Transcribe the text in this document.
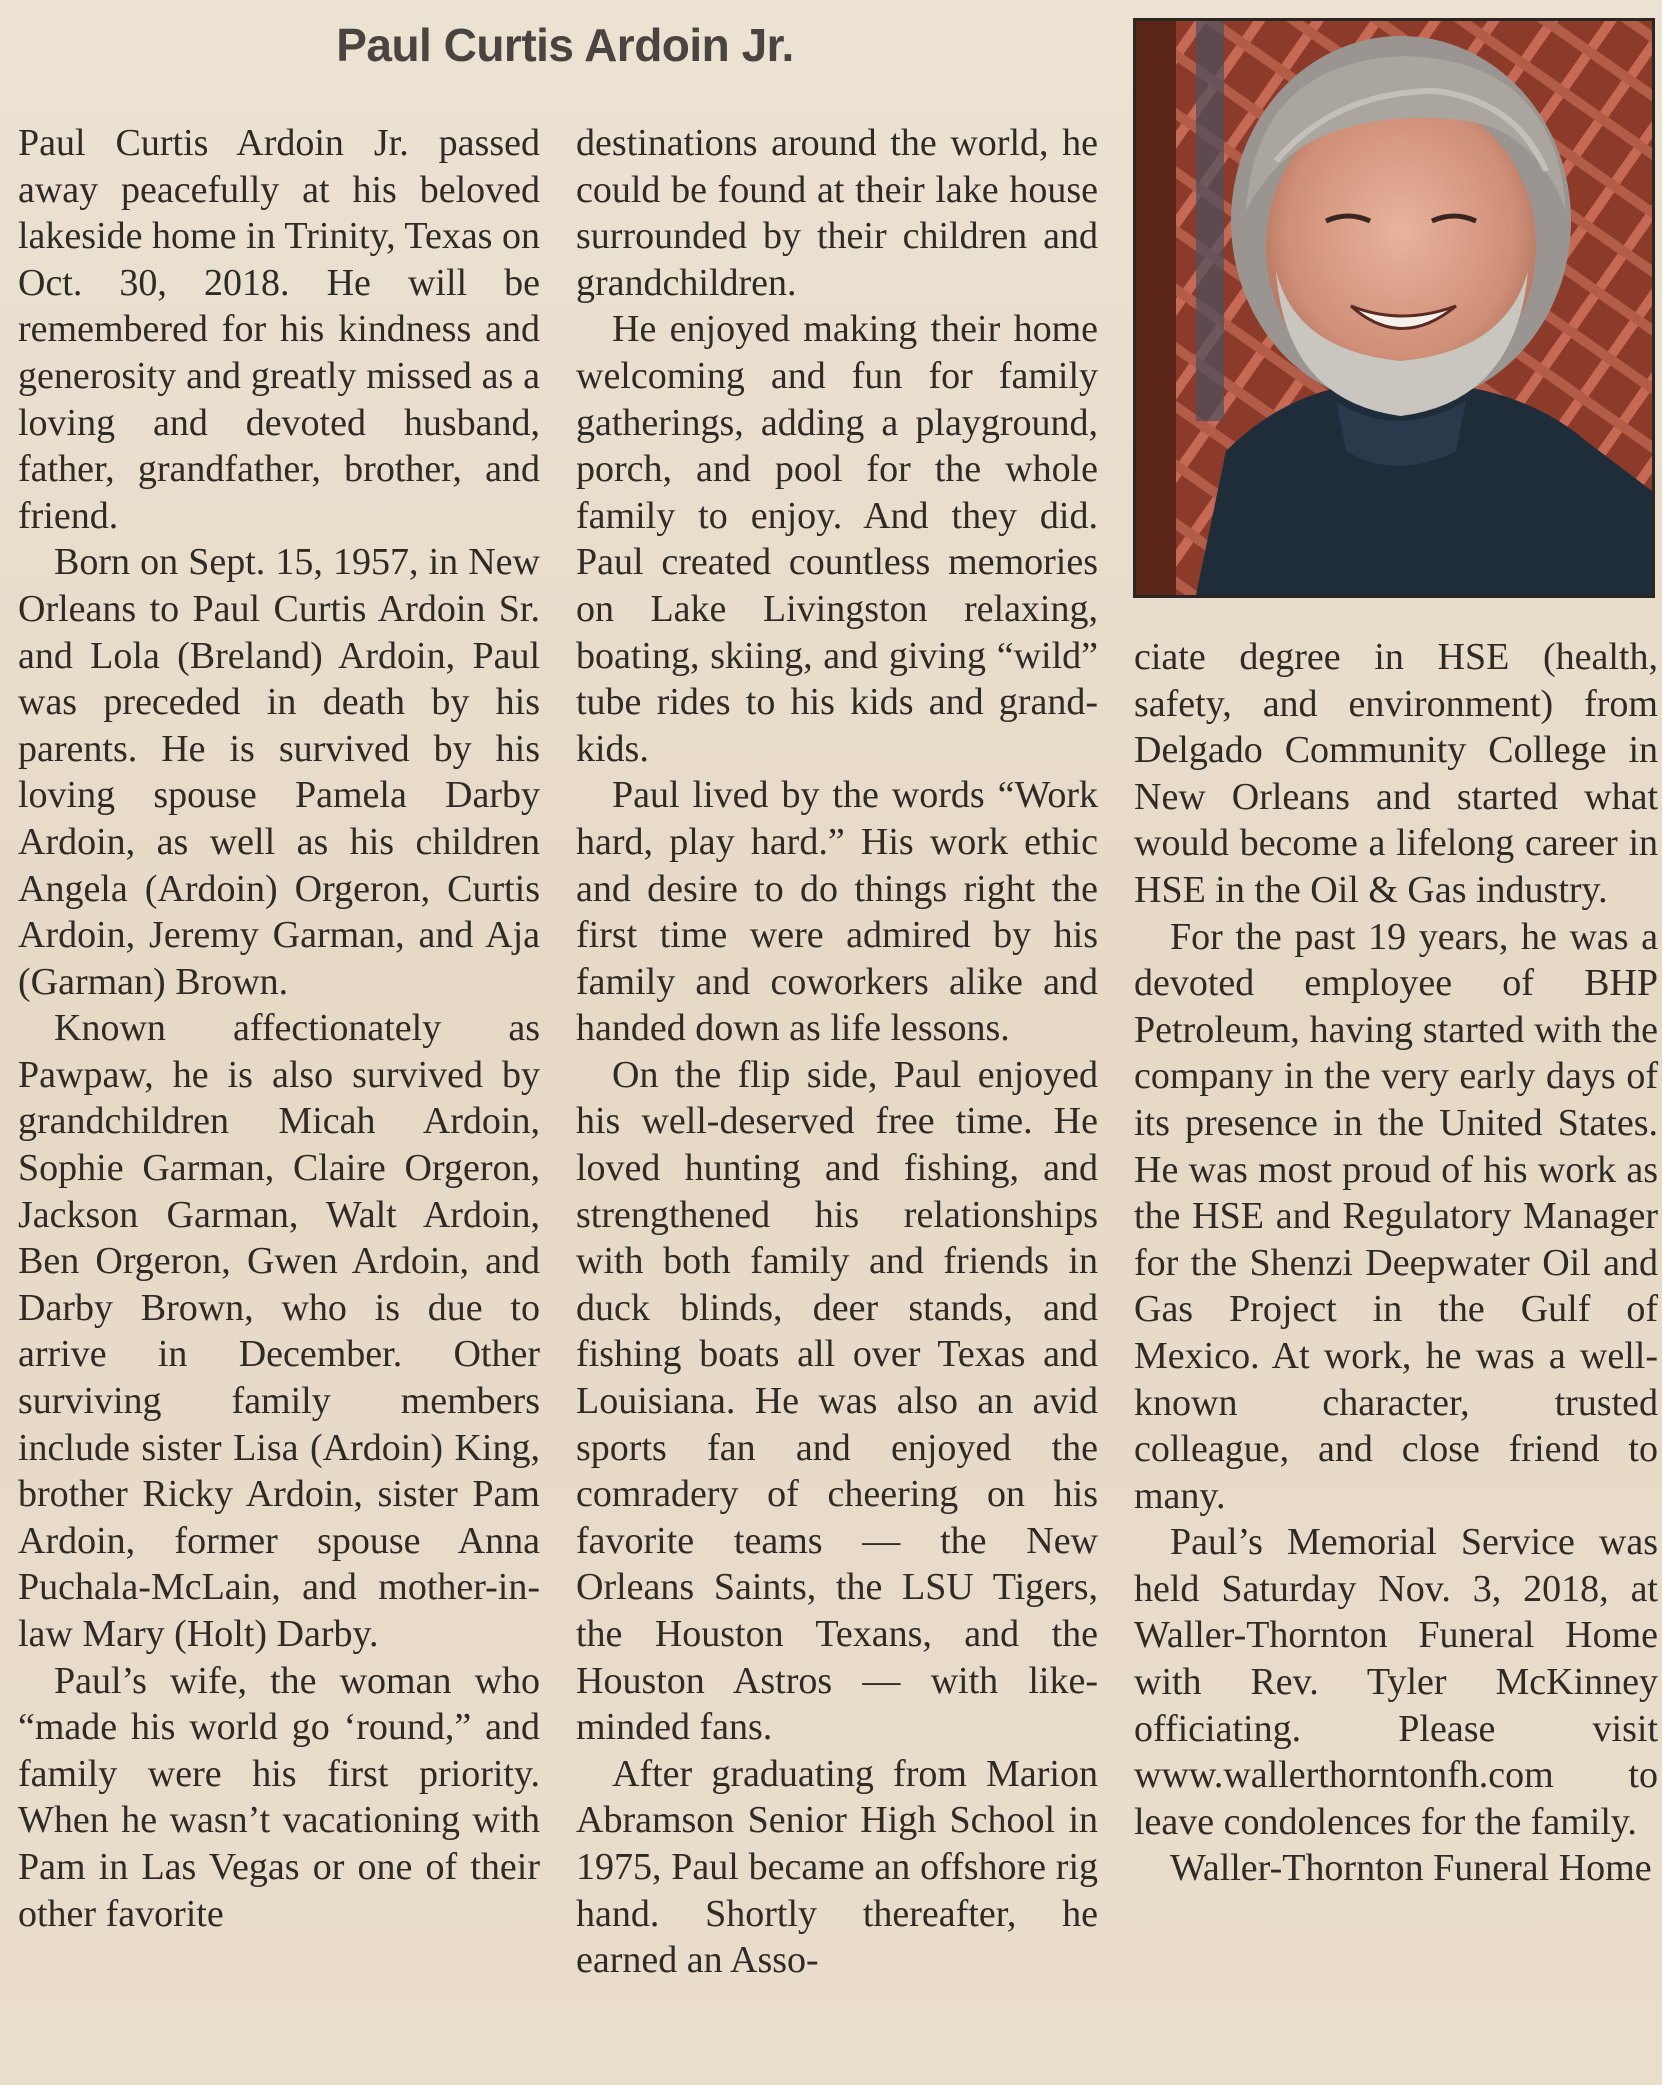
Paul Curtis Ardoin Jr.

Paul Curtis Ardoin Jr. passed away peacefully at his beloved lakeside home in Trinity, Texas on Oct. 30, 2018. He will be remembered for his kindness and generosity and greatly missed as a loving and devoted husband, father, grandfather, brother, and friend.

Born on Sept. 15, 1957, in New Orleans to Paul Curtis Ardoin Sr. and Lola (Breland) Ardoin, Paul was preceded in death by his parents. He is survived by his loving spouse Pamela Darby Ardoin, as well as his children Angela (Ardoin) Orgeron, Curtis Ardoin, Jeremy Garman, and Aja (Garman) Brown.

Known affectionately as Pawpaw, he is also survived by grandchildren Micah Ardoin, Sophie Garman, Claire Orgeron, Jackson Garman, Walt Ardoin, Ben Orgeron, Gwen Ardoin, and Darby Brown, who is due to arrive in December. Other surviving family members include sister Lisa (Ardoin) King, brother Ricky Ardoin, sister Pam Ardoin, former spouse Anna Puchala-McLain, and mother-in-law Mary (Holt) Darby.

Paul’s wife, the woman who “made his world go ‘round,” and family were his first priority. When he wasn’t vacationing with Pam in Las Vegas or one of their other favorite

destinations around the world, he could be found at their lake house surrounded by their children and grandchildren.

He enjoyed making their home welcoming and fun for family gatherings, adding a playground, porch, and pool for the whole family to enjoy. And they did. Paul created countless memories on Lake Livingston relaxing, boating, skiing, and giving “wild” tube rides to his kids and grandkids.

Paul lived by the words “Work hard, play hard.” His work ethic and desire to do things right the first time were admired by his family and coworkers alike and handed down as life lessons.

On the flip side, Paul enjoyed his well-deserved free time. He loved hunting and fishing, and strengthened his relationships with both family and friends in duck blinds, deer stands, and fishing boats all over Texas and Louisiana. He was also an avid sports fan and enjoyed the comradery of cheering on his favorite teams — the New Orleans Saints, the LSU Tigers, the Houston Texans, and the Houston Astros — with like-minded fans.

After graduating from Marion Abramson Senior High School in 1975, Paul became an offshore rig hand. Shortly thereafter, he earned an Asso-

ciate degree in HSE (health, safety, and environment) from Delgado Community College in New Orleans and started what would become a lifelong career in HSE in the Oil & Gas industry.

For the past 19 years, he was a devoted employee of BHP Petroleum, having started with the company in the very early days of its presence in the United States. He was most proud of his work as the HSE and Regulatory Manager for the Shenzi Deepwater Oil and Gas Project in the Gulf of Mexico. At work, he was a well-known character, trusted colleague, and close friend to many.

Paul’s Memorial Service was held Saturday Nov. 3, 2018, at Waller-Thornton Funeral Home with Rev. Tyler McKinney officiating. Please visit www.wallerthorntonfh.com to leave condolences for the family.

Waller-Thornton Funeral Home
